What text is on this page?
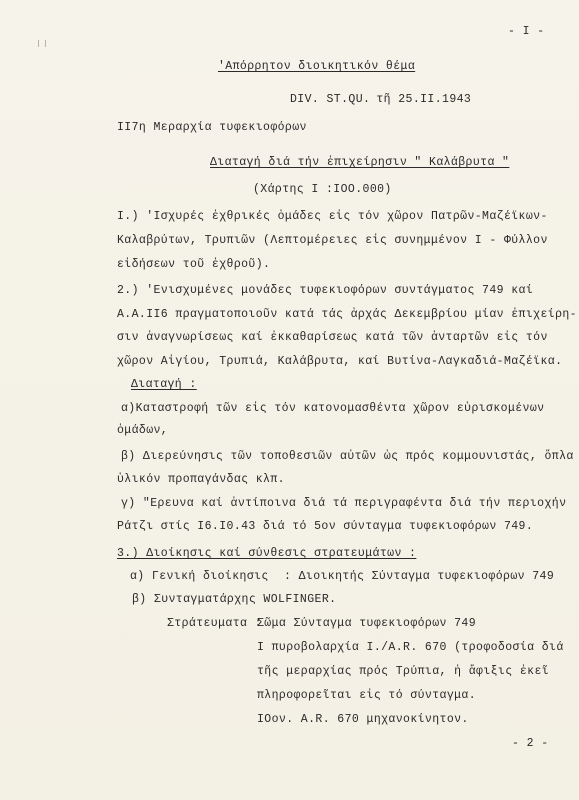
- I -
'Απόρρητον διοικητικόν θέμα
DIV. ST.QU. τῆ 25.II.1943
II7η Μεραρχία τυφεκιοφόρων
Διαταγή διά τήν ἐπιχείρησιν " Καλάβρυτα "
(Χάρτης I :IOO.000)
I.) 'Ισχυρές ἐχθρικές ὁμάδες εἰς τόν χῶρον Πατρῶν-Μαζέϊκων-
Καλαβρύτων, Τρυπιῶν (Λεπτομέρειες εἰς συνημμένον I - Φύλλον
εἰδήσεων τοῦ ἐχθροῦ).
2.) 'Ενισχυμένες μονάδες τυφεκιοφόρων συντάγματος 749 καί
A.A.II6 πραγματοποιοῦν κατά τάς ἀρχάς Δεκεμβρίου μίαν ἐπιχείρη-
σιν ἀναγνωρίσεως καί ἐκκαθαρίσεως κατά τῶν ἀνταρτῶν εἰς τόν
χῶρον Αἰγίου, Τρυπιά, Καλάβρυτα, καί Βυτίνα-Λαγκαδιά-Μαζέϊκα.
Διαταγή :
α)Καταστροφή τῶν εἰς τόν κατονομασθέντα χῶρον εὑρισκομένων
ὁμάδων,
β) Διερεύνησις τῶν τοποθεσιῶν αὐτῶν ὡς πρός κομμουνιστάς, ὅπλα
ὑλικόν προπαγάνδας κλπ.
γ) "Ερευνα καί ἀντίποινα διά τά περιγραφέντα διά τήν περιοχήν
Ράτζι στίς I6.I0.43 διά τό 5ον σύνταγμα τυφεκιοφόρων 749.
3.) Διοίκησις καί σύνθεσις στρατευμάτων :
α) Γενική διοίκησις : Διοικητής Σύνταγμα τυφεκιοφόρων 749
β) Συνταγματάρχης WOLFINGER.
Στράτευματα :
Σῶμα Σύνταγμα τυφεκιοφόρων 749
I πυροβολαρχία I./A.R. 670 (τροφοδοσία διά
τῆς μεραρχίας πρός Τρύπια, ἡ ἄφιξις ἐκεῖ
πληροφορεῖται εἰς τό σύνταγμα.
IOον. A.R. 670 μηχανοκίνητον.
- 2 -
